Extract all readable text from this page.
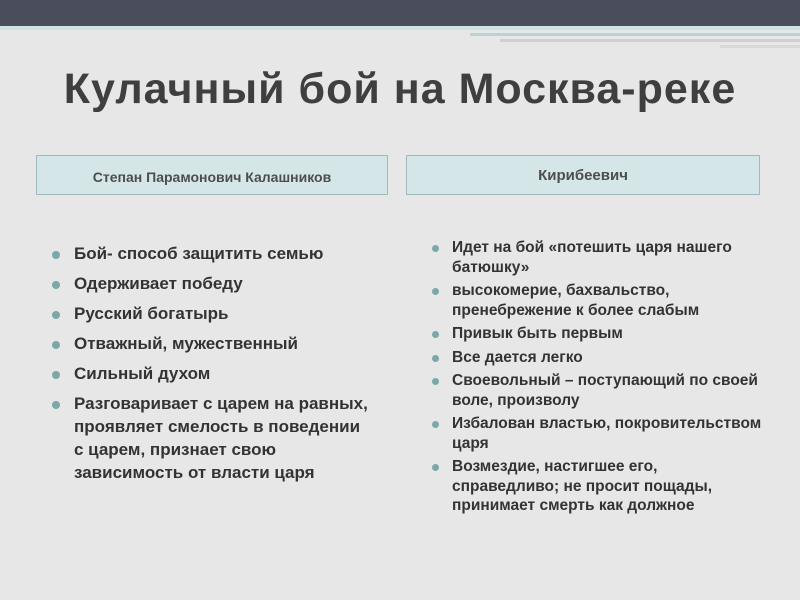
Кулачный бой на Москва-реке
Степан Парамонович Калашников	Кирибеевич
Бой- способ защитить семью
Одерживает победу
Русский богатырь
Отважный, мужественный
Сильный духом
Разговаривает с царем на равных, проявляет смелость в поведении с царем, признает свою зависимость от власти царя
Идет на бой «потешить царя нашего батюшку»
высокомерие, бахвальство, пренебрежение к более слабым
Привык быть первым
Все дается легко
Своевольный – поступающий по своей воле, произволу
Избалован властью, покровительством царя
Возмездие, настигшее его, справедливо; не просит пощады, принимает смерть как должное
